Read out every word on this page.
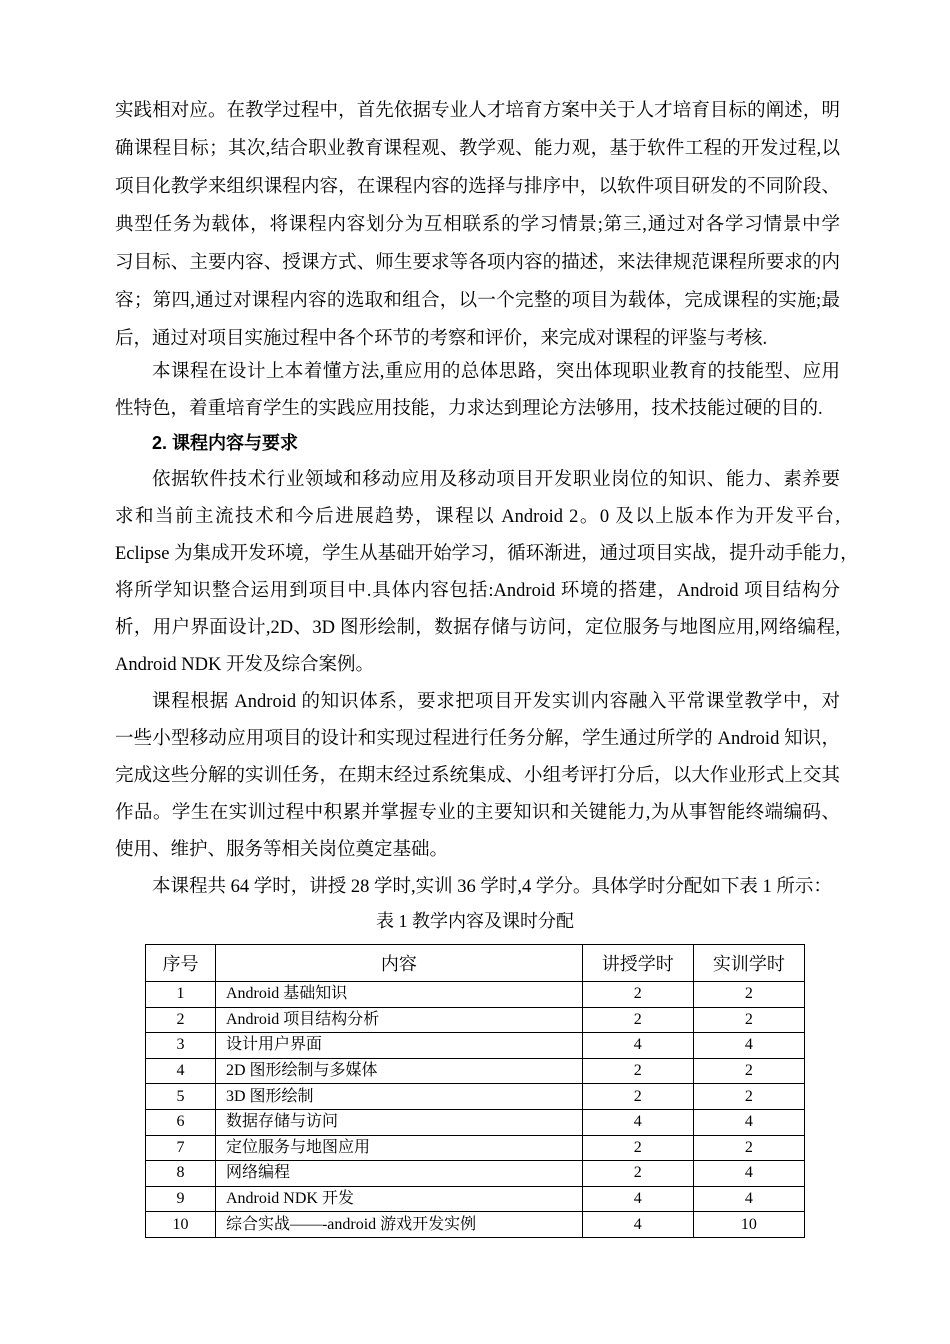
实践相对应。在教学过程中，首先依据专业人才培育方案中关于人才培育目标的阐述，明
确课程目标；其次,结合职业教育课程观、教学观、能力观，基于软件工程的开发过程,以
项目化教学来组织课程内容，在课程内容的选择与排序中，以软件项目研发的不同阶段、
典型任务为载体，将课程内容划分为互相联系的学习情景;第三,通过对各学习情景中学
习目标、主要内容、授课方式、师生要求等各项内容的描述，来法律规范课程所要求的内
容；第四,通过对课程内容的选取和组合，以一个完整的项目为载体，完成课程的实施;最
后，通过对项目实施过程中各个环节的考察和评价，来完成对课程的评鉴与考核.
本课程在设计上本着懂方法,重应用的总体思路，突出体现职业教育的技能型、应用
性特色，着重培育学生的实践应用技能，力求达到理论方法够用，技术技能过硬的目的.
2. 课程内容与要求
依据软件技术行业领域和移动应用及移动项目开发职业岗位的知识、能力、素养要
求和当前主流技术和今后进展趋势，课程以 Android 2。0 及以上版本作为开发平台,
Eclipse 为集成开发环境，学生从基础开始学习，循环渐进，通过项目实战，提升动手能力，
将所学知识整合运用到项目中.具体内容包括:Android 环境的搭建，Android 项目结构分
析，用户界面设计,2D、3D 图形绘制，数据存储与访问，定位服务与地图应用,网络编程,
Android NDK 开发及综合案例。
课程根据 Android 的知识体系，要求把项目开发实训内容融入平常课堂教学中，对
一些小型移动应用项目的设计和实现过程进行任务分解，学生通过所学的 Android 知识，
完成这些分解的实训任务，在期末经过系统集成、小组考评打分后，以大作业形式上交其
作品。学生在实训过程中积累并掌握专业的主要知识和关键能力,为从事智能终端编码、
使用、维护、服务等相关岗位奠定基础。
本课程共 64 学时，讲授 28 学时,实训 36 学时,4 学分。具体学时分配如下表 1 所示：
表 1 教学内容及课时分配
序号	内容	讲授学时	实训学时
1	Android 基础知识	2	2
2	Android 项目结构分析	2	2
3	设计用户界面	4	4
4	2D 图形绘制与多媒体	2	2
5	3D 图形绘制	2	2
6	数据存储与访问	4	4
7	定位服务与地图应用	2	2
8	网络编程	2	4
9	Android NDK 开发	4	4
10	综合实战——-android 游戏开发实例	4	10
